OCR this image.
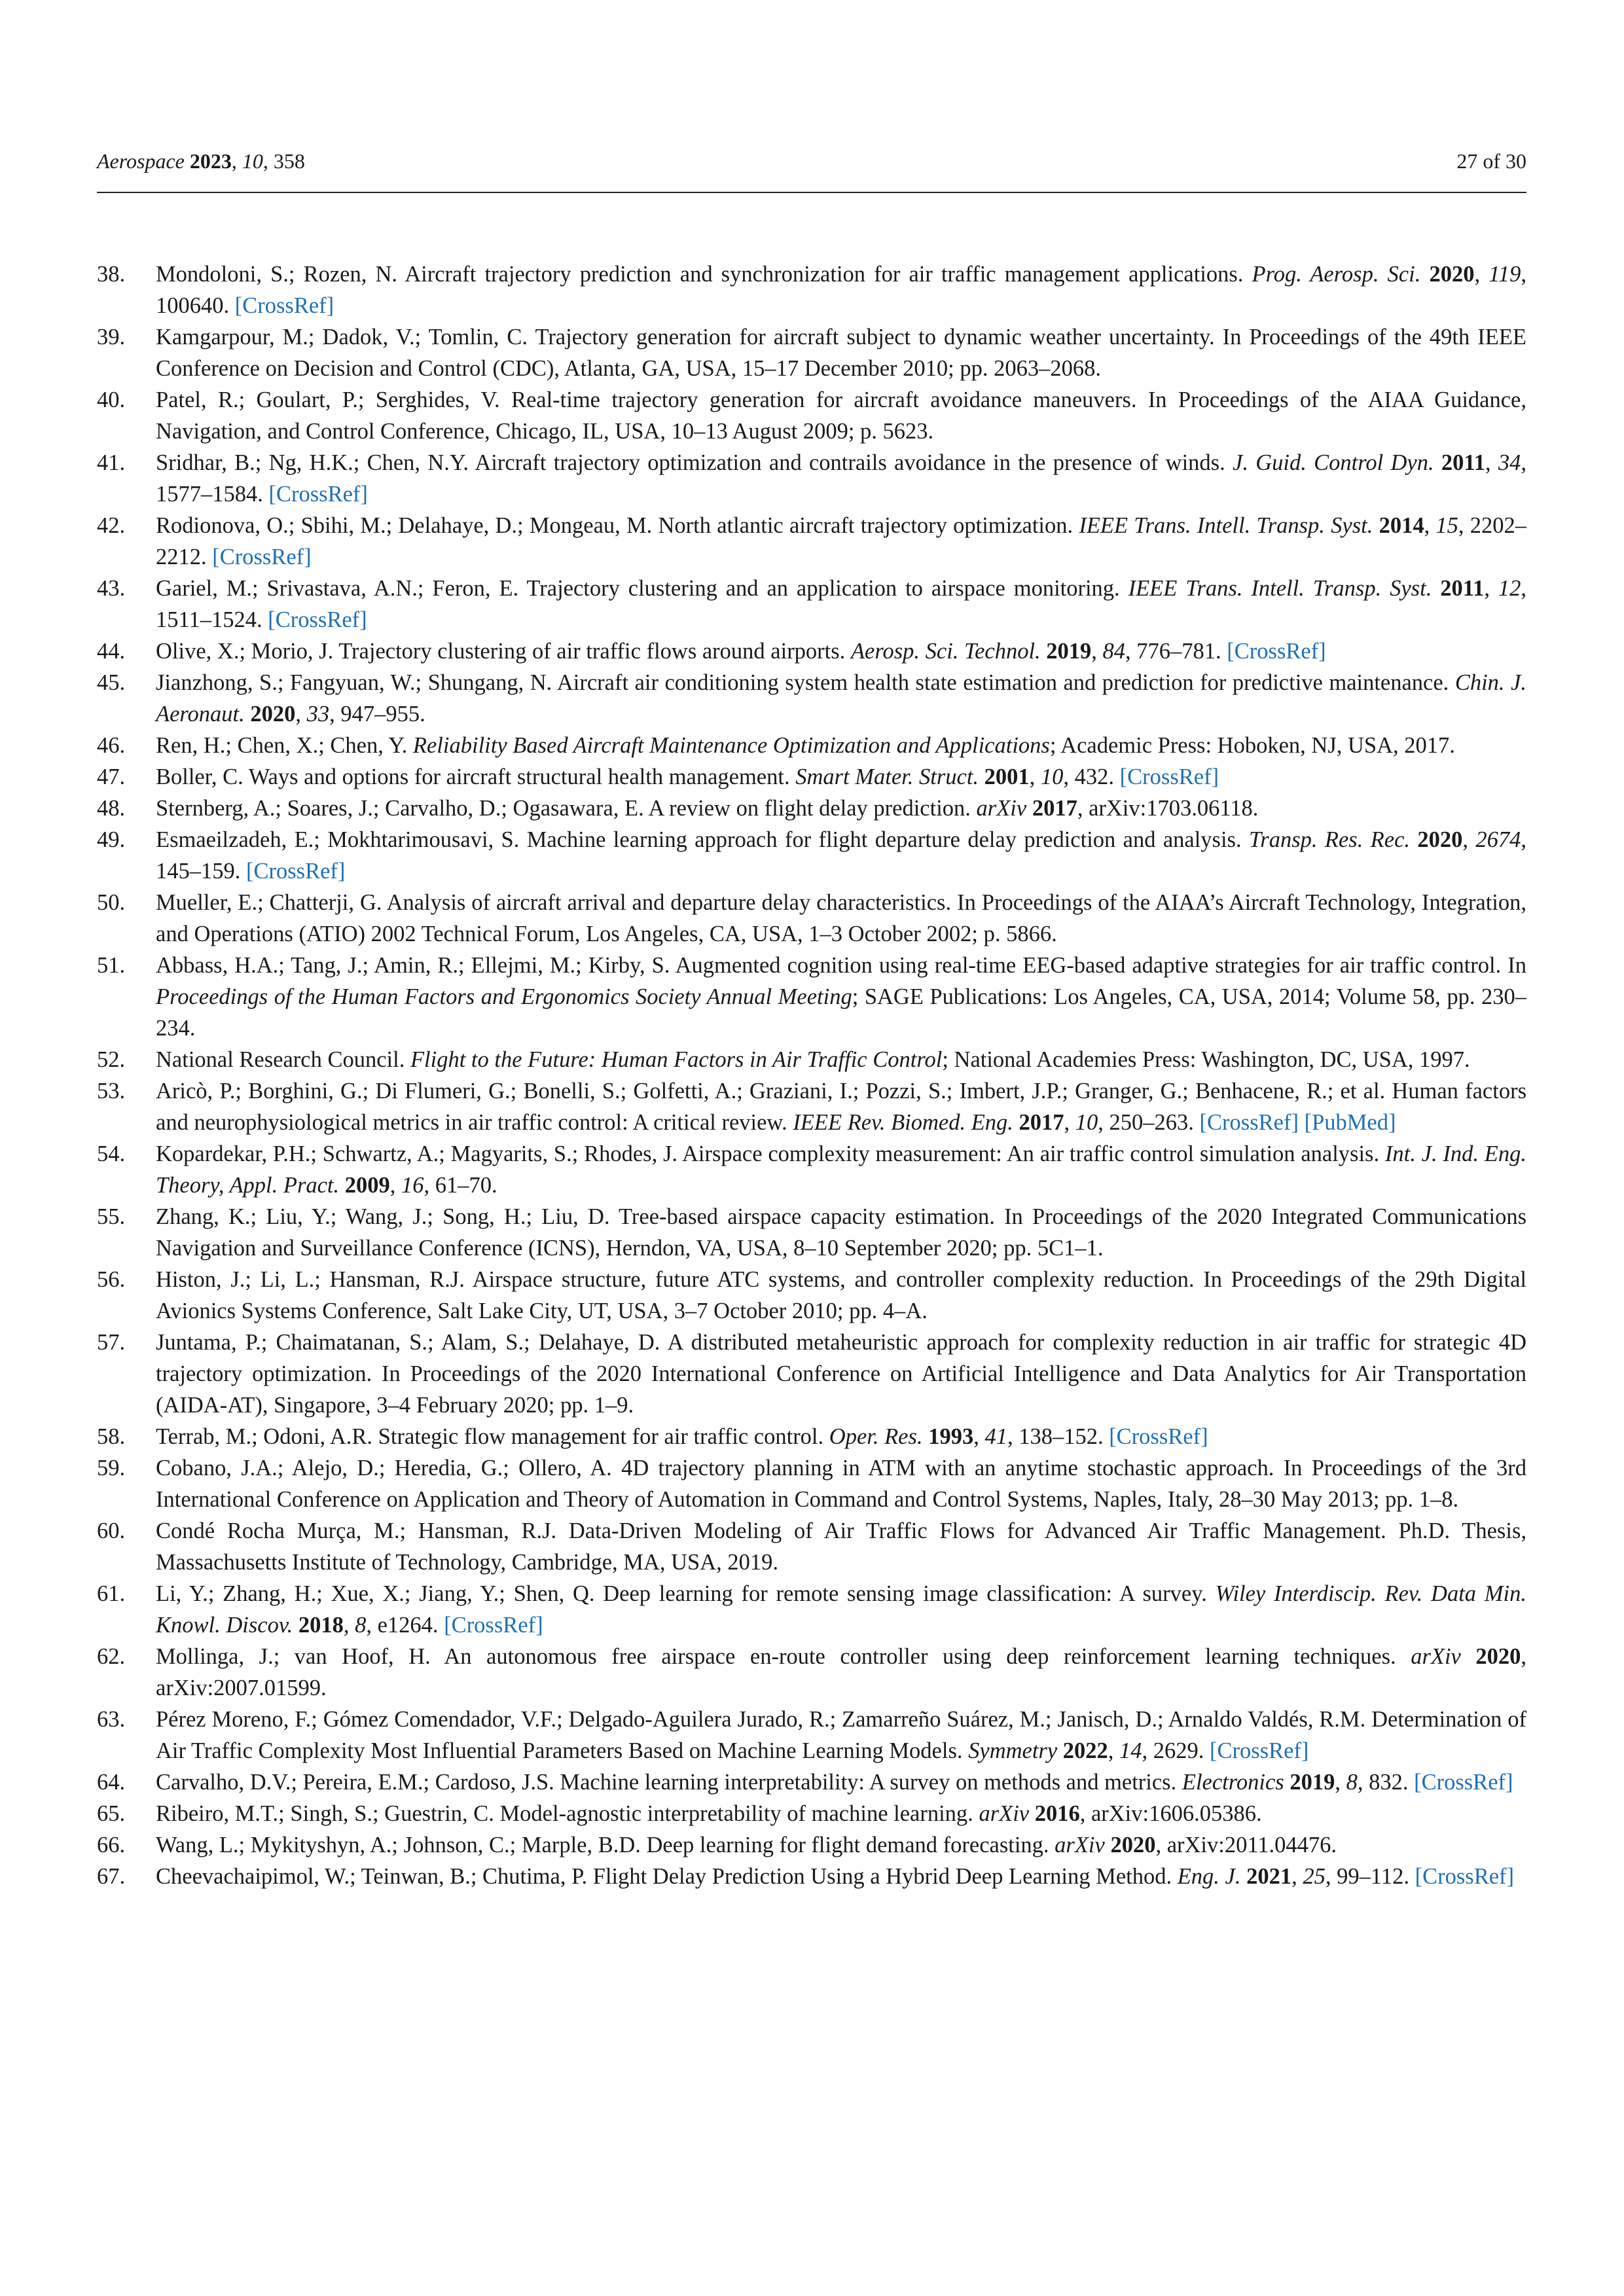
Aerospace 2023, 10, 358	27 of 30
38. Mondoloni, S.; Rozen, N. Aircraft trajectory prediction and synchronization for air traffic management applications. Prog. Aerosp. Sci. 2020, 119, 100640. [CrossRef]
39. Kamgarpour, M.; Dadok, V.; Tomlin, C. Trajectory generation for aircraft subject to dynamic weather uncertainty. In Proceedings of the 49th IEEE Conference on Decision and Control (CDC), Atlanta, GA, USA, 15–17 December 2010; pp. 2063–2068.
40. Patel, R.; Goulart, P.; Serghides, V. Real-time trajectory generation for aircraft avoidance maneuvers. In Proceedings of the AIAA Guidance, Navigation, and Control Conference, Chicago, IL, USA, 10–13 August 2009; p. 5623.
41. Sridhar, B.; Ng, H.K.; Chen, N.Y. Aircraft trajectory optimization and contrails avoidance in the presence of winds. J. Guid. Control Dyn. 2011, 34, 1577–1584. [CrossRef]
42. Rodionova, O.; Sbihi, M.; Delahaye, D.; Mongeau, M. North atlantic aircraft trajectory optimization. IEEE Trans. Intell. Transp. Syst. 2014, 15, 2202–2212. [CrossRef]
43. Gariel, M.; Srivastava, A.N.; Feron, E. Trajectory clustering and an application to airspace monitoring. IEEE Trans. Intell. Transp. Syst. 2011, 12, 1511–1524. [CrossRef]
44. Olive, X.; Morio, J. Trajectory clustering of air traffic flows around airports. Aerosp. Sci. Technol. 2019, 84, 776–781. [CrossRef]
45. Jianzhong, S.; Fangyuan, W.; Shungang, N. Aircraft air conditioning system health state estimation and prediction for predictive maintenance. Chin. J. Aeronaut. 2020, 33, 947–955.
46. Ren, H.; Chen, X.; Chen, Y. Reliability Based Aircraft Maintenance Optimization and Applications; Academic Press: Hoboken, NJ, USA, 2017.
47. Boller, C. Ways and options for aircraft structural health management. Smart Mater. Struct. 2001, 10, 432. [CrossRef]
48. Sternberg, A.; Soares, J.; Carvalho, D.; Ogasawara, E. A review on flight delay prediction. arXiv 2017, arXiv:1703.06118.
49. Esmaeilzadeh, E.; Mokhtarimousavi, S. Machine learning approach for flight departure delay prediction and analysis. Transp. Res. Rec. 2020, 2674, 145–159. [CrossRef]
50. Mueller, E.; Chatterji, G. Analysis of aircraft arrival and departure delay characteristics. In Proceedings of the AIAA’s Aircraft Technology, Integration, and Operations (ATIO) 2002 Technical Forum, Los Angeles, CA, USA, 1–3 October 2002; p. 5866.
51. Abbass, H.A.; Tang, J.; Amin, R.; Ellejmi, M.; Kirby, S. Augmented cognition using real-time EEG-based adaptive strategies for air traffic control. In Proceedings of the Human Factors and Ergonomics Society Annual Meeting; SAGE Publications: Los Angeles, CA, USA, 2014; Volume 58, pp. 230–234.
52. National Research Council. Flight to the Future: Human Factors in Air Traffic Control; National Academies Press: Washington, DC, USA, 1997.
53. Aricò, P.; Borghini, G.; Di Flumeri, G.; Bonelli, S.; Golfetti, A.; Graziani, I.; Pozzi, S.; Imbert, J.P.; Granger, G.; Benhacene, R.; et al. Human factors and neurophysiological metrics in air traffic control: A critical review. IEEE Rev. Biomed. Eng. 2017, 10, 250–263. [CrossRef] [PubMed]
54. Kopardekar, P.H.; Schwartz, A.; Magyarits, S.; Rhodes, J. Airspace complexity measurement: An air traffic control simulation analysis. Int. J. Ind. Eng. Theory, Appl. Pract. 2009, 16, 61–70.
55. Zhang, K.; Liu, Y.; Wang, J.; Song, H.; Liu, D. Tree-based airspace capacity estimation. In Proceedings of the 2020 Integrated Communications Navigation and Surveillance Conference (ICNS), Herndon, VA, USA, 8–10 September 2020; pp. 5C1–1.
56. Histon, J.; Li, L.; Hansman, R.J. Airspace structure, future ATC systems, and controller complexity reduction. In Proceedings of the 29th Digital Avionics Systems Conference, Salt Lake City, UT, USA, 3–7 October 2010; pp. 4–A.
57. Juntama, P.; Chaimatanan, S.; Alam, S.; Delahaye, D. A distributed metaheuristic approach for complexity reduction in air traffic for strategic 4D trajectory optimization. In Proceedings of the 2020 International Conference on Artificial Intelligence and Data Analytics for Air Transportation (AIDA-AT), Singapore, 3–4 February 2020; pp. 1–9.
58. Terrab, M.; Odoni, A.R. Strategic flow management for air traffic control. Oper. Res. 1993, 41, 138–152. [CrossRef]
59. Cobano, J.A.; Alejo, D.; Heredia, G.; Ollero, A. 4D trajectory planning in ATM with an anytime stochastic approach. In Proceedings of the 3rd International Conference on Application and Theory of Automation in Command and Control Systems, Naples, Italy, 28–30 May 2013; pp. 1–8.
60. Condé Rocha Murça, M.; Hansman, R.J. Data-Driven Modeling of Air Traffic Flows for Advanced Air Traffic Management. Ph.D. Thesis, Massachusetts Institute of Technology, Cambridge, MA, USA, 2019.
61. Li, Y.; Zhang, H.; Xue, X.; Jiang, Y.; Shen, Q. Deep learning for remote sensing image classification: A survey. Wiley Interdiscip. Rev. Data Min. Knowl. Discov. 2018, 8, e1264. [CrossRef]
62. Mollinga, J.; van Hoof, H. An autonomous free airspace en-route controller using deep reinforcement learning techniques. arXiv 2020, arXiv:2007.01599.
63. Pérez Moreno, F.; Gómez Comendador, V.F.; Delgado-Aguilera Jurado, R.; Zamarreño Suárez, M.; Janisch, D.; Arnaldo Valdés, R.M. Determination of Air Traffic Complexity Most Influential Parameters Based on Machine Learning Models. Symmetry 2022, 14, 2629. [CrossRef]
64. Carvalho, D.V.; Pereira, E.M.; Cardoso, J.S. Machine learning interpretability: A survey on methods and metrics. Electronics 2019, 8, 832. [CrossRef]
65. Ribeiro, M.T.; Singh, S.; Guestrin, C. Model-agnostic interpretability of machine learning. arXiv 2016, arXiv:1606.05386.
66. Wang, L.; Mykityshyn, A.; Johnson, C.; Marple, B.D. Deep learning for flight demand forecasting. arXiv 2020, arXiv:2011.04476.
67. Cheevachaipimol, W.; Teinwan, B.; Chutima, P. Flight Delay Prediction Using a Hybrid Deep Learning Method. Eng. J. 2021, 25, 99–112. [CrossRef]
